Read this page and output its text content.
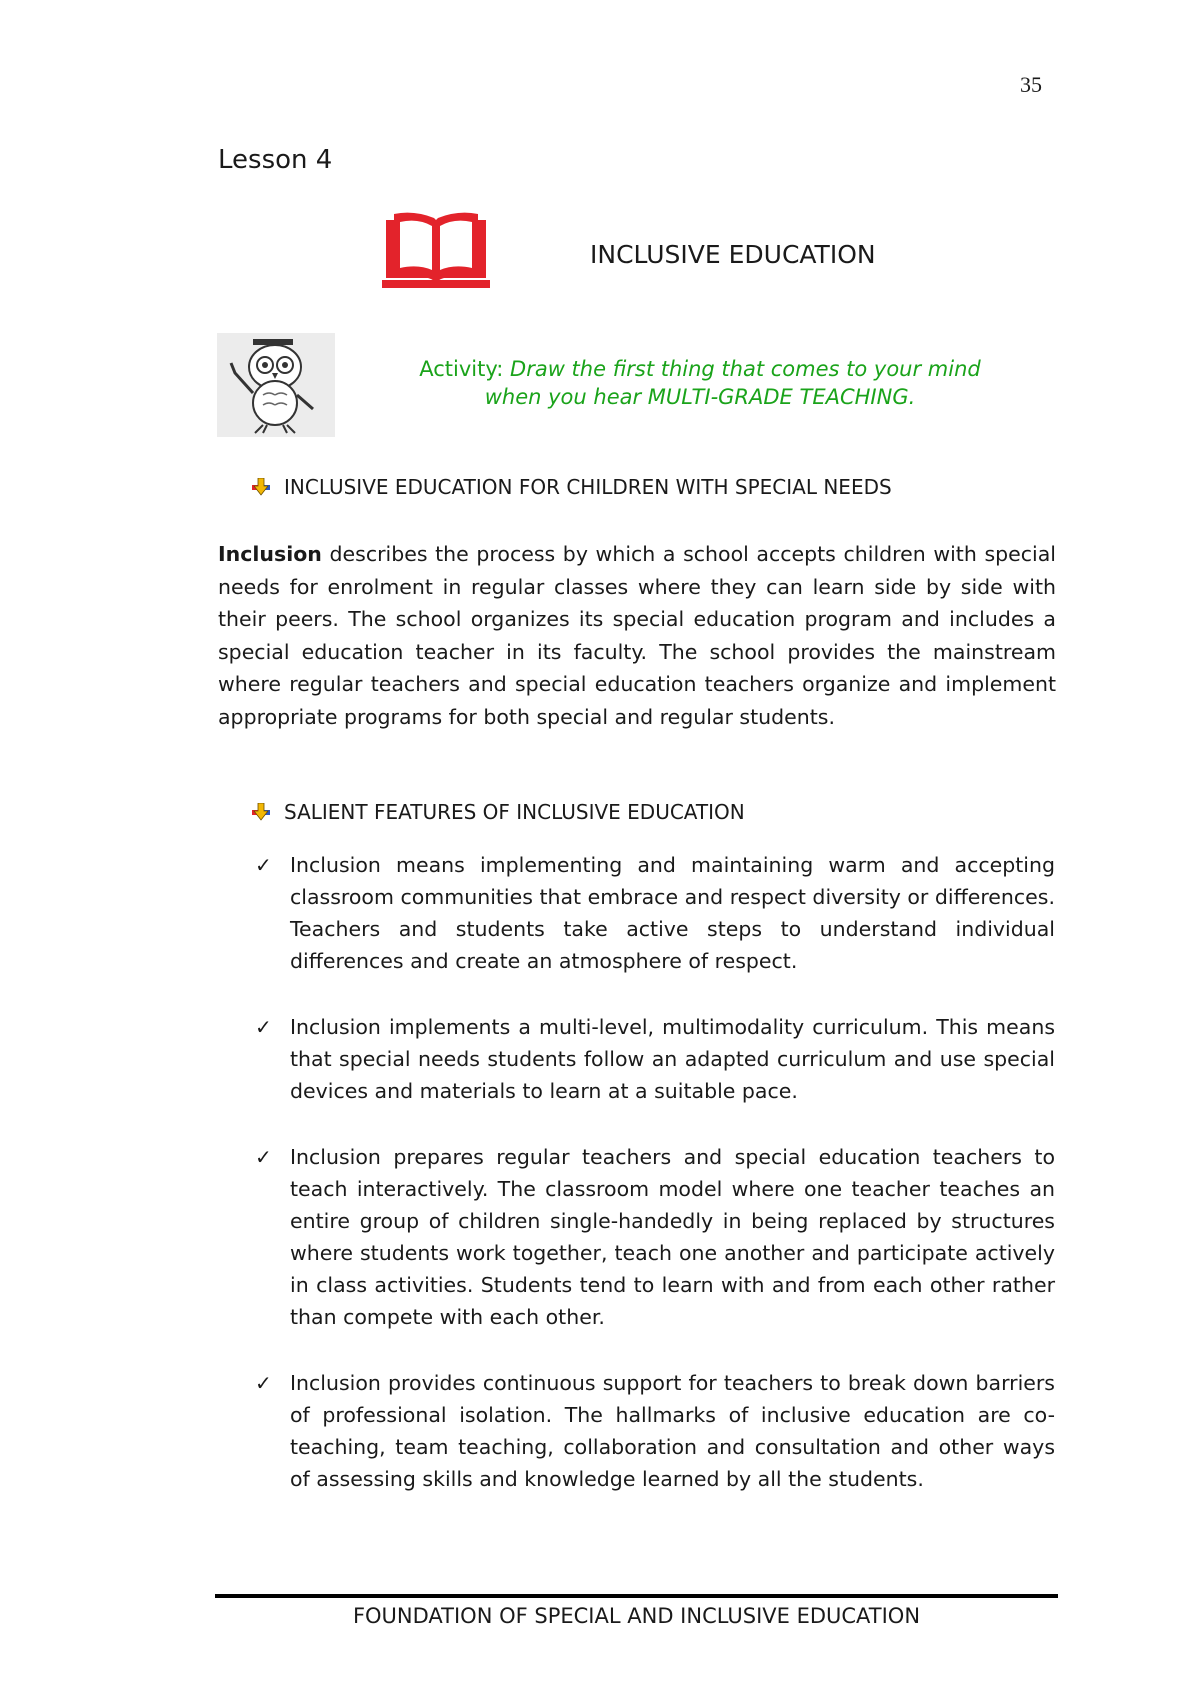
35
Lesson 4
INCLUSIVE EDUCATION
Activity: Draw the first thing that comes to your mind
when you hear MULTI-GRADE TEACHING.
INCLUSIVE EDUCATION FOR CHILDREN WITH SPECIAL NEEDS

Inclusion describes the process by which a school accepts children with special needs for enrolment in regular classes where they can learn side by side with their peers. The school organizes its special education program and includes a special education teacher in its faculty. The school provides the mainstream where regular teachers and special education teachers organize and implement appropriate programs for both special and regular students.

SALIENT FEATURES OF INCLUSIVE EDUCATION
✓ Inclusion means implementing and maintaining warm and accepting classroom communities that embrace and respect diversity or differences. Teachers and students take active steps to understand individual differences and create an atmosphere of respect.
✓ Inclusion implements a multi-level, multimodality curriculum. This means that special needs students follow an adapted curriculum and use special devices and materials to learn at a suitable pace.
✓ Inclusion prepares regular teachers and special education teachers to teach interactively. The classroom model where one teacher teaches an entire group of children single-handedly in being replaced by structures where students work together, teach one another and participate actively in class activities. Students tend to learn with and from each other rather than compete with each other.
✓ Inclusion provides continuous support for teachers to break down barriers of professional isolation. The hallmarks of inclusive education are co-teaching, team teaching, collaboration and consultation and other ways of assessing skills and knowledge learned by all the students.
FOUNDATION OF SPECIAL AND INCLUSIVE EDUCATION
